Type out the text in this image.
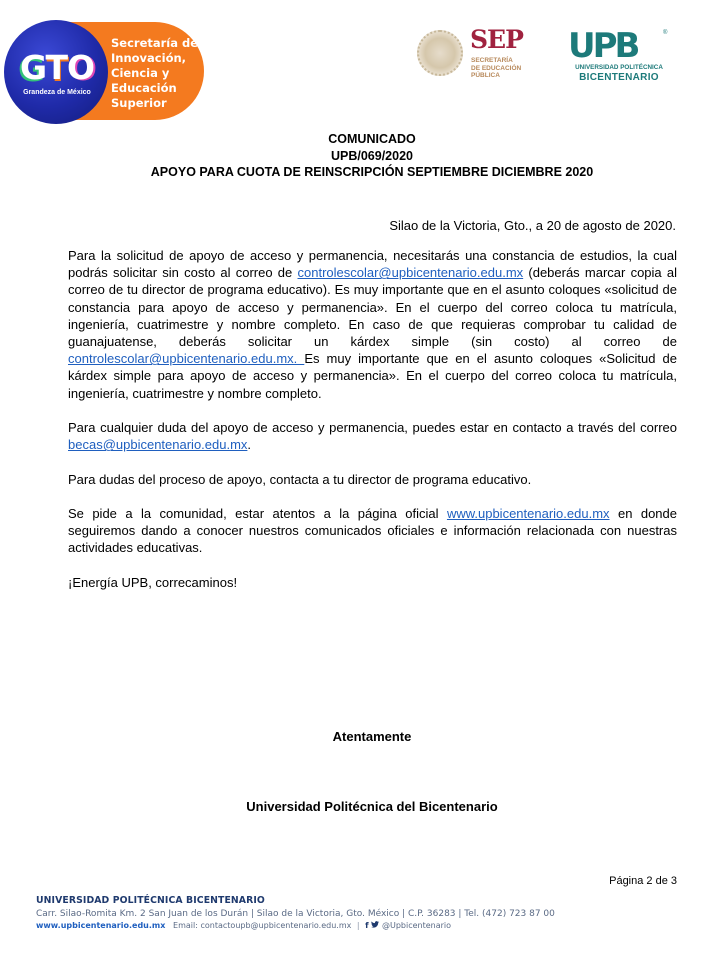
GTO
Grandeza de México
Secretaría de
Innovación,
Ciencia y
Educación
Superior
SEP
SECRETARÍA
DE EDUCACIÓN
PÚBLICA
UPB	®
UNIVERSIDAD POLITÉCNICA
BICENTENARIO
COMUNICADO
UPB/069/2020
APOYO PARA CUOTA DE REINSCRIPCIÓN SEPTIEMBRE DICIEMBRE 2020
Silao de la Victoria, Gto., a 20 de agosto de 2020.

Para la solicitud de apoyo de acceso y permanencia, necesitarás una constancia de estudios, la cual podrás solicitar sin costo al correo de controlescolar@upbicentenario.edu.mx (deberás marcar copia al correo de tu director de programa educativo). Es muy importante que en el asunto coloques «solicitud de constancia para apoyo de acceso y permanencia». En el cuerpo del correo coloca tu matrícula, ingeniería, cuatrimestre y nombre completo. En caso de que requieras comprobar tu calidad de guanajuatense, deberás solicitar un kárdex simple (sin costo) al correo de controlescolar@upbicentenario.edu.mx. Es muy importante que en el asunto coloques «Solicitud de kárdex simple para apoyo de acceso y permanencia». En el cuerpo del correo coloca tu matrícula, ingeniería, cuatrimestre y nombre completo.

Para cualquier duda del apoyo de acceso y permanencia, puedes estar en contacto a través del correo becas@upbicentenario.edu.mx.

Para dudas del proceso de apoyo, contacta a tu director de programa educativo.

Se pide a la comunidad, estar atentos a la página oficial www.upbicentenario.edu.mx en donde seguiremos dando a conocer nuestros comunicados oficiales e información relacionada con nuestras actividades educativas.

¡Energía UPB, correcaminos!

Atentamente
Universidad Politécnica del Bicentenario
Página 2 de 3
UNIVERSIDAD POLITÉCNICA BICENTENARIO
Carr. Silao-Romita Km. 2 San Juan de los Durán | Silao de la Victoria, Gto. México | C.P. 36283 | Tel. (472) 723 87 00
www.upbicentenario.edu.mx Email: contactoupb@upbicentenario.edu.mx | f @Upbicentenario
